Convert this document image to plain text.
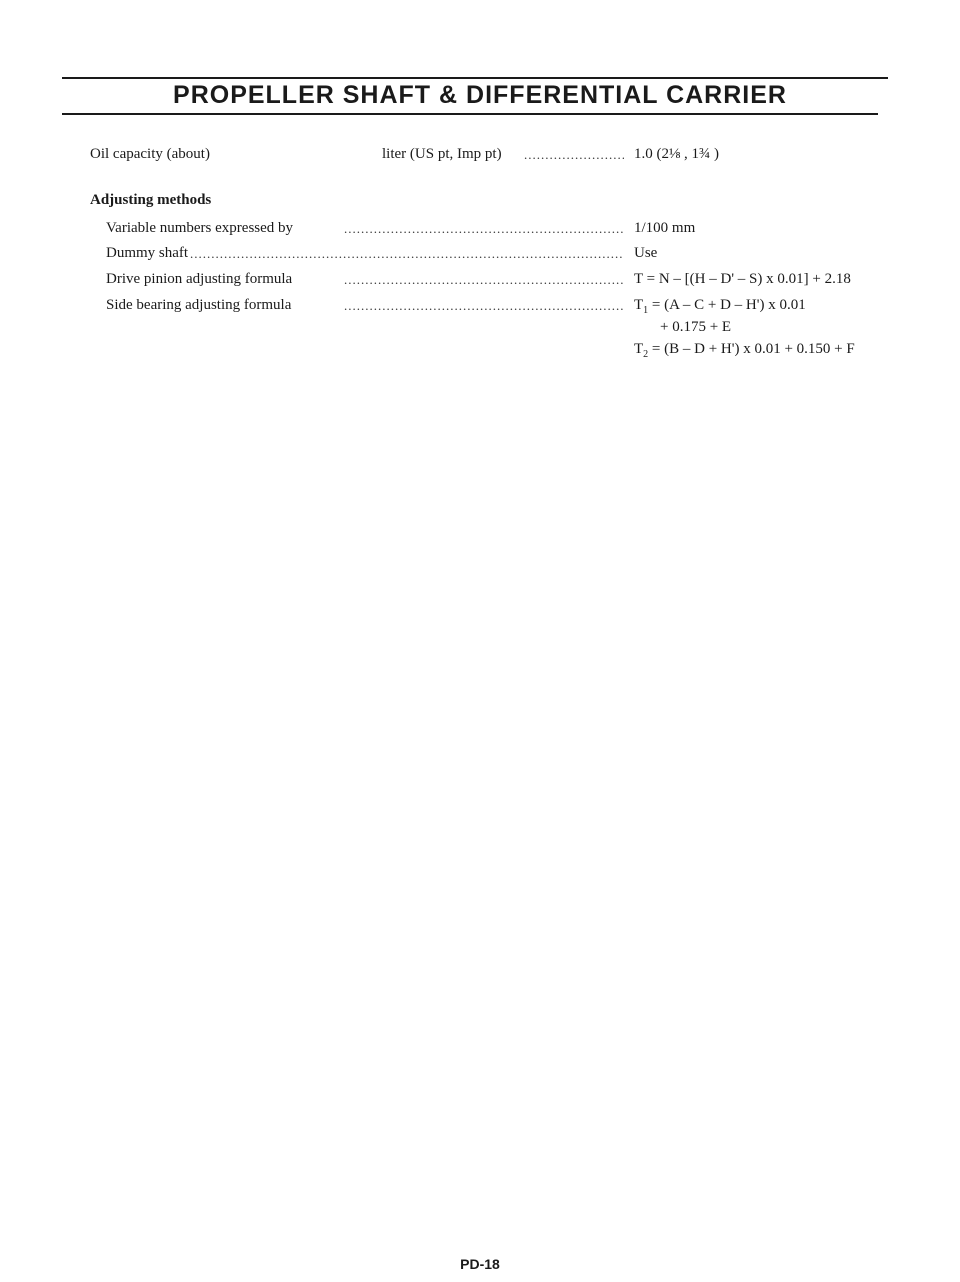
PROPELLER SHAFT & DIFFERENTIAL CARRIER
Oil capacity (about)	liter (US pt, Imp pt) .....	1.0 (2⅛ , 1¾ )
Adjusting methods
Variable numbers expressed by .....	1/100 mm
Dummy shaft .....	Use
Drive pinion adjusting formula .....	T = N – [(H – D' – S) x 0.01] + 2.18
Side bearing adjusting formula .....	$T_1 = (A - C + D - H')$ x 0.01
+ 0.175 + E
$T_2 = (B - D + H')$ x 0.01 + 0.150 + F
PD-18
